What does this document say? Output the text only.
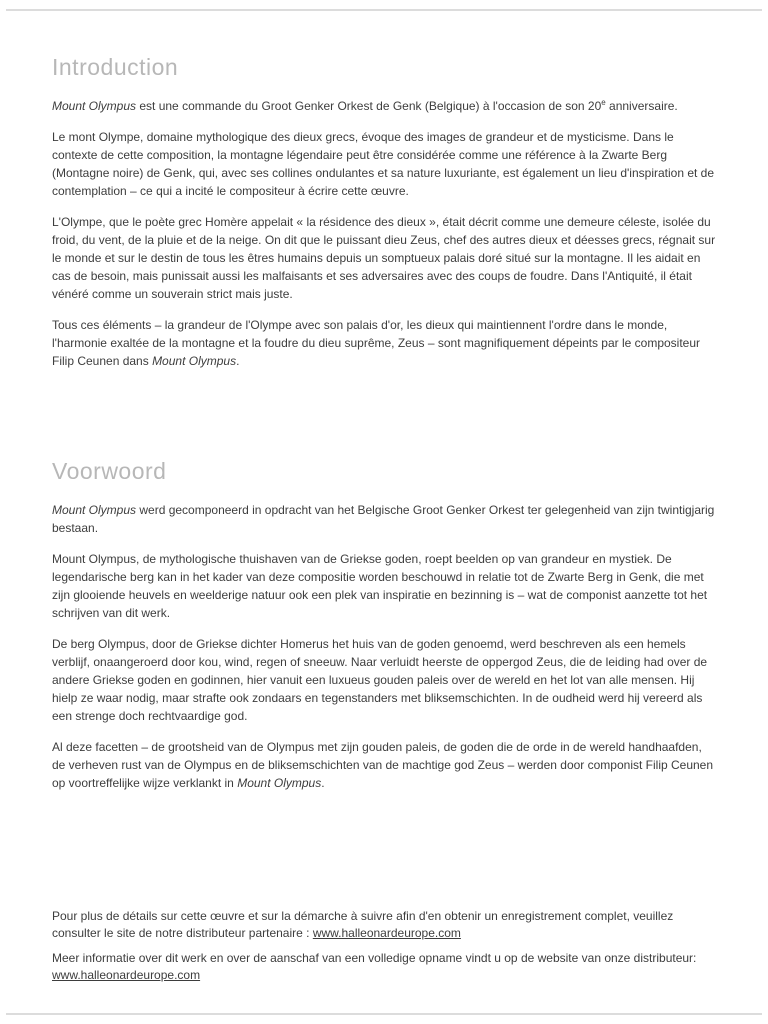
Introduction

Mount Olympus est une commande du Groot Genker Orkest de Genk (Belgique) à l'occasion de son 20e anniversaire.

Le mont Olympe, domaine mythologique des dieux grecs, évoque des images de grandeur et de mysticisme. Dans le contexte de cette composition, la montagne légendaire peut être considérée comme une référence à la Zwarte Berg (Montagne noire) de Genk, qui, avec ses collines ondulantes et sa nature luxuriante, est également un lieu d'inspiration et de contemplation – ce qui a incité le compositeur à écrire cette œuvre.

L'Olympe, que le poète grec Homère appelait « la résidence des dieux », était décrit comme une demeure céleste, isolée du froid, du vent, de la pluie et de la neige. On dit que le puissant dieu Zeus, chef des autres dieux et déesses grecs, régnait sur le monde et sur le destin de tous les êtres humains depuis un somptueux palais doré situé sur la montagne. Il les aidait en cas de besoin, mais punissait aussi les malfaisants et ses adversaires avec des coups de foudre. Dans l'Antiquité, il était vénéré comme un souverain strict mais juste.

Tous ces éléments – la grandeur de l'Olympe avec son palais d'or, les dieux qui maintiennent l'ordre dans le monde, l'harmonie exaltée de la montagne et la foudre du dieu suprême, Zeus – sont magnifiquement dépeints par le compositeur Filip Ceunen dans Mount Olympus.

Voorwoord

Mount Olympus werd gecomponeerd in opdracht van het Belgische Groot Genker Orkest ter gelegenheid van zijn twintigjarig bestaan.

Mount Olympus, de mythologische thuishaven van de Griekse goden, roept beelden op van grandeur en mystiek. De legendarische berg kan in het kader van deze compositie worden beschouwd in relatie tot de Zwarte Berg in Genk, die met zijn glooiende heuvels en weelderige natuur ook een plek van inspiratie en bezinning is – wat de componist aanzette tot het schrijven van dit werk.

De berg Olympus, door de Griekse dichter Homerus het huis van de goden genoemd, werd beschreven als een hemels verblijf, onaangeroerd door kou, wind, regen of sneeuw. Naar verluidt heerste de oppergod Zeus, die de leiding had over de andere Griekse goden en godinnen, hier vanuit een luxueus gouden paleis over de wereld en het lot van alle mensen. Hij hielp ze waar nodig, maar strafte ook zondaars en tegenstanders met bliksemschichten. In de oudheid werd hij vereerd als een strenge doch rechtvaardige god.

Al deze facetten – de grootsheid van de Olympus met zijn gouden paleis, de goden die de orde in de wereld handhaafden, de verheven rust van de Olympus en de bliksemschichten van de machtige god Zeus – werden door componist Filip Ceunen op voortreffelijke wijze verklankt in Mount Olympus.

Pour plus de détails sur cette œuvre et sur la démarche à suivre afin d'en obtenir un enregistrement complet, veuillez consulter le site de notre distributeur partenaire : www.halleonardeurope.com

Meer informatie over dit werk en over de aanschaf van een volledige opname vindt u op de website van onze distributeur: www.halleonardeurope.com
